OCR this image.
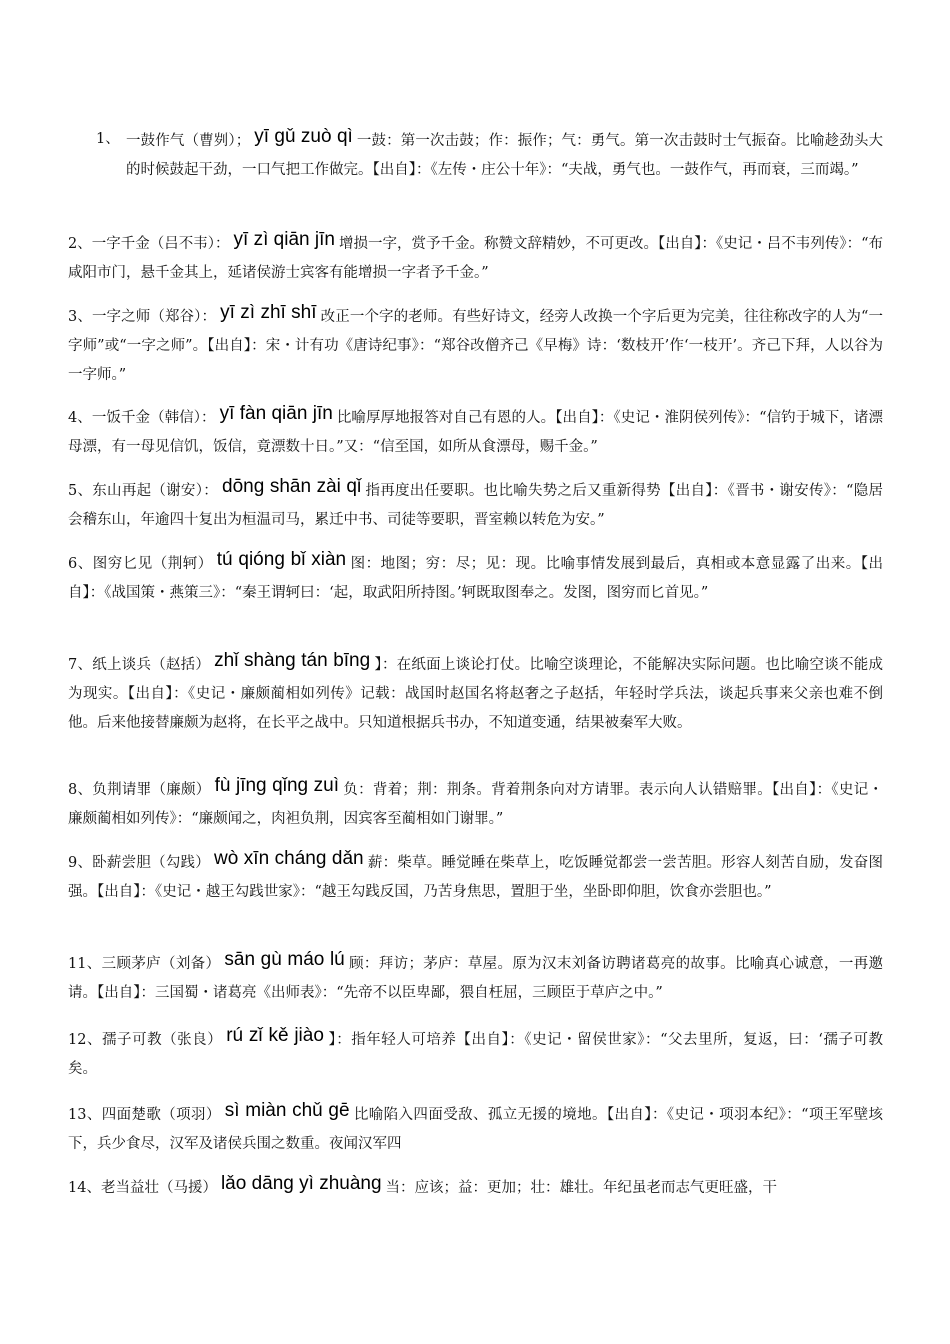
1、 一鼓作气（曹刿）； yī gǔ zuò qì 一鼓：第一次击鼓；作：振作；气：勇气。第一次击鼓时士气振奋。比喻趁劲头大的时候鼓起干劲，一口气把工作做完。【出自】：《左传・庄公十年》：“夫战，勇气也。一鼓作气，再而衰，三而竭。”

2、一字千金（吕不韦）： yī zì qiān jīn 增损一字，赏予千金。称赞文辞精妙，不可更改。【出自】：《史记・吕不韦列传》：“布咸阳市门，悬千金其上，延诸侯游士宾客有能增损一字者予千金。”

3、一字之师（郑谷）： yī zì zhī shī 改正一个字的老师。有些好诗文，经旁人改换一个字后更为完美，往往称改字的人为“一字师”或“一字之师”。【出自】：宋・计有功《唐诗纪事》：“郑谷改僧齐己《早梅》诗：‘数枝开’作‘一枝开’。齐己下拜，人以谷为一字师。”

4、一饭千金（韩信）： yī fàn qiān jīn 比喻厚厚地报答对自己有恩的人。【出自】：《史记・淮阴侯列传》：“信钓于城下，诸漂母漂，有一母见信饥，饭信，竟漂数十日。”又：“信至国，如所从食漂母，赐千金。”

5、东山再起（谢安）： dōng shān zài qǐ 指再度出任要职。也比喻失势之后又重新得势【出自】：《晋书・谢安传》：“隐居会稽东山，年逾四十复出为桓温司马，累迁中书、司徒等要职，晋室赖以转危为安。”

6、图穷匕见（荆轲） tú qióng bǐ xiàn 图：地图；穷：尽；见：现。比喻事情发展到最后，真相或本意显露了出来。【出自】：《战国策・燕策三》：“秦王谓轲曰：‘起，取武阳所持图。’轲既取图奉之。发图，图穷而匕首见。”

7、纸上谈兵（赵括） zhǐ shàng tán bīng 】：在纸面上谈论打仗。比喻空谈理论，不能解决实际问题。也比喻空谈不能成为现实。【出自】：《史记・廉颇蔺相如列传》记载：战国时赵国名将赵奢之子赵括，年轻时学兵法，谈起兵事来父亲也难不倒他。后来他接替廉颇为赵将，在长平之战中。只知道根据兵书办，不知道变通，结果被秦军大败。

8、负荆请罪（廉颇） fù jīng qǐng zuì 负：背着；荆：荆条。背着荆条向对方请罪。表示向人认错赔罪。【出自】：《史记・廉颇蔺相如列传》：“廉颇闻之，肉袒负荆，因宾客至蔺相如门谢罪。”

9、卧薪尝胆（勾践） wò xīn cháng dǎn 薪：柴草。睡觉睡在柴草上，吃饭睡觉都尝一尝苦胆。形容人刻苦自励，发奋图强。【出自】：《史记・越王勾践世家》：“越王勾践反国，乃苦身焦思，置胆于坐，坐卧即仰胆，饮食亦尝胆也。”

11、三顾茅庐（刘备） sān gù máo lú 顾：拜访；茅庐：草屋。原为汉末刘备访聘诸葛亮的故事。比喻真心诚意，一再邀请。【出自】：三国蜀・诸葛亮《出师表》：“先帝不以臣卑鄙，猥自枉屈，三顾臣于草庐之中。”

12、孺子可教（张良） rú zǐ kě jiào 】：指年轻人可培养【出自】：《史记・留侯世家》：“父去里所，复返，曰：‘孺子可教矣。

13、四面楚歌（项羽） sì miàn chǔ gē 比喻陷入四面受敌、孤立无援的境地。【出自】：《史记・项羽本纪》：“项王军壁垓下，兵少食尽，汉军及诸侯兵围之数重。夜闻汉军四

14、老当益壮（马援） lǎo dāng yì zhuàng 当：应该；益：更加；壮：雄壮。年纪虽老而志气更旺盛，干
